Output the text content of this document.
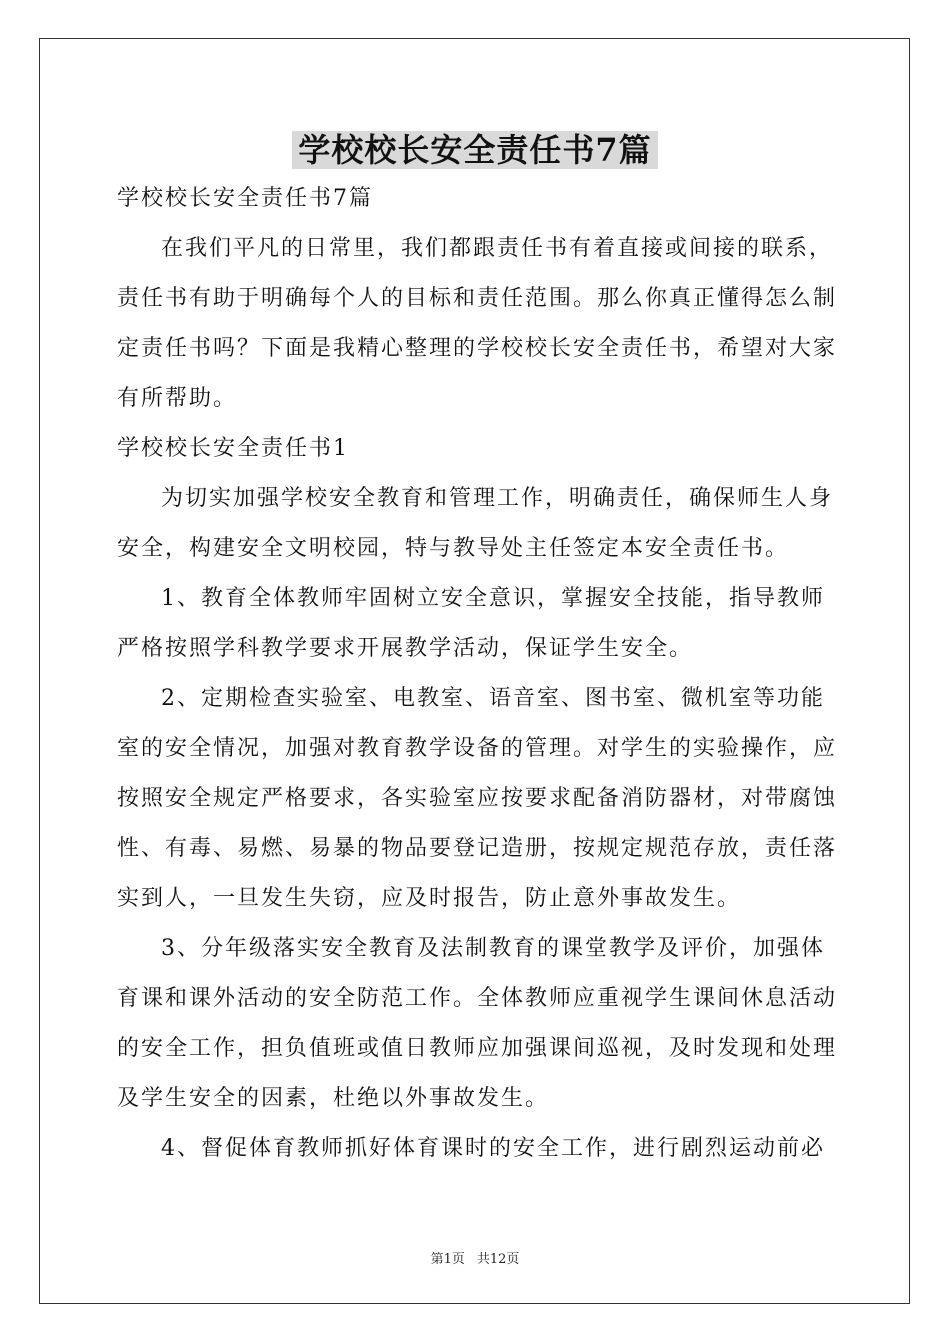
学校校长安全责任书7篇

学校校长安全责任书7篇

在我们平凡的日常里，我们都跟责任书有着直接或间接的联系，责任书有助于明确每个人的目标和责任范围。那么你真正懂得怎么制定责任书吗？下面是我精心整理的学校校长安全责任书，希望对大家有所帮助。

学校校长安全责任书1

为切实加强学校安全教育和管理工作，明确责任，确保师生人身安全，构建安全文明校园，特与教导处主任签定本安全责任书。

1、教育全体教师牢固树立安全意识，掌握安全技能，指导教师严格按照学科教学要求开展教学活动，保证学生安全。

2、定期检查实验室、电教室、语音室、图书室、微机室等功能室的安全情况，加强对教育教学设备的管理。对学生的实验操作，应按照安全规定严格要求，各实验室应按要求配备消防器材，对带腐蚀性、有毒、易燃、易暴的物品要登记造册，按规定规范存放，责任落实到人，一旦发生失窃，应及时报告，防止意外事故发生。

3、分年级落实安全教育及法制教育的课堂教学及评价，加强体育课和课外活动的安全防范工作。全体教师应重视学生课间休息活动的安全工作，担负值班或值日教师应加强课间巡视，及时发现和处理及学生安全的因素，杜绝以外事故发生。

4、督促体育教师抓好体育课时的安全工作，进行剧烈运动前必

第1页 共12页
